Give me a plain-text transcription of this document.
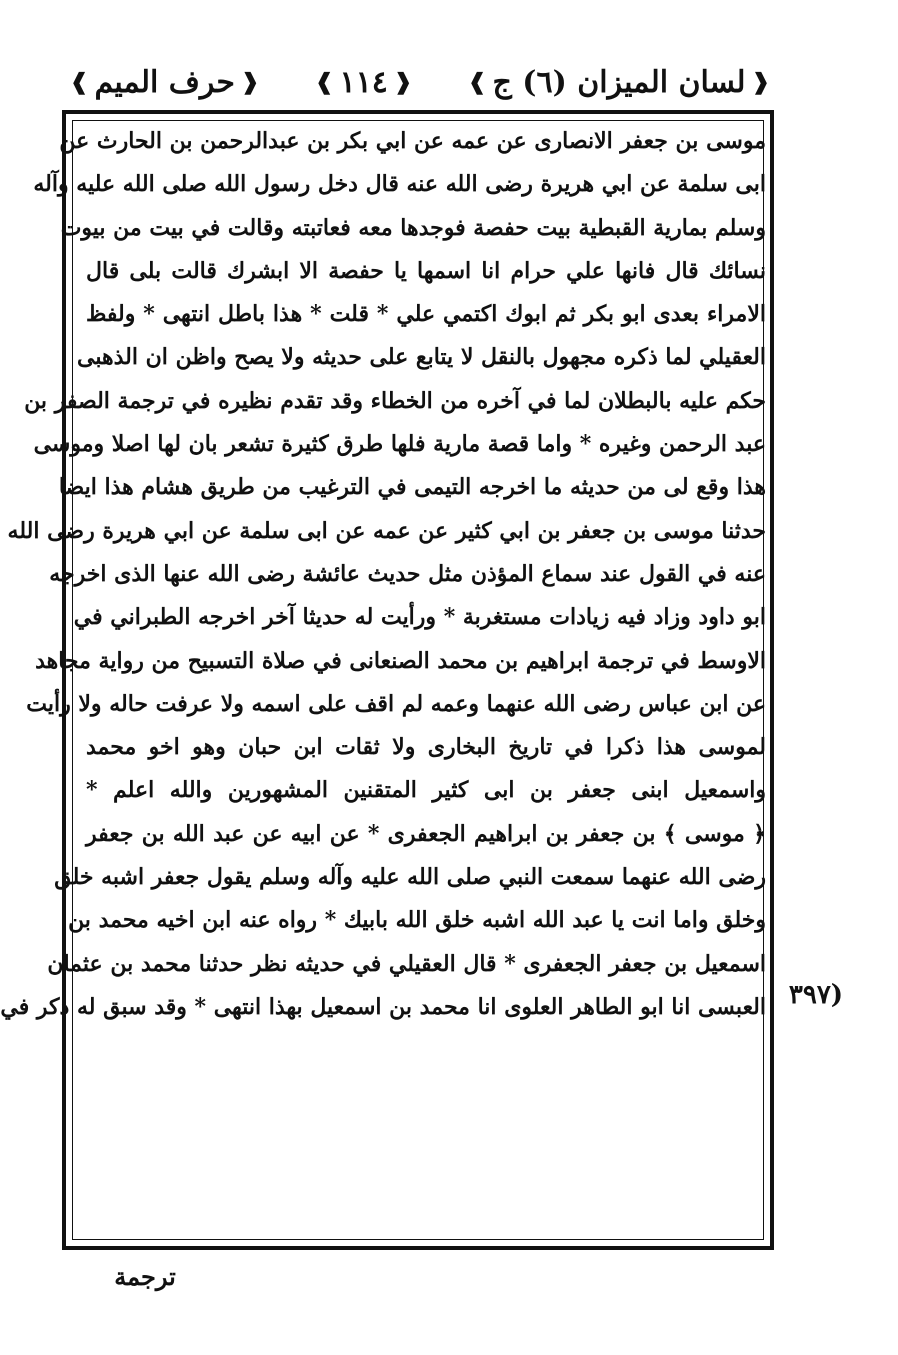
❰
لسان الميزان (٦) ج
❱
❰
١١٤
❱
❰
حرف الميم
❱
موسى بن جعفر الانصارى عن عمه عن ابي بكر بن عبدالرحمن بن الحارث عن
ابى سلمة عن ابي هريرة رضى الله عنه قال دخل رسول الله صلى الله عليه وآله
وسلم بمارية القبطية بيت حفصة فوجدها معه فعاتبته وقالت في بيت من بيوت
نسائك قال فانها علي حرام انا اسمها يا حفصة الا ابشرك قالت بلى قال
الامراء بعدى ابو بكر ثم ابوك اكتمي علي * قلت * هذا باطل انتهى * ولفظ
العقيلي لما ذكره مجهول بالنقل لا يتابع على حديثه ولا يصح واظن ان الذهبى
حكم عليه بالبطلان لما في آخره من الخطاء وقد تقدم نظيره في ترجمة الصفر بن
عبد الرحمن وغيره * واما قصة مارية فلها طرق كثيرة تشعر بان لها اصلا وموسى
هذا وقع لى من حديثه ما اخرجه التيمى في الترغيب من طريق هشام هذا ايضا
حدثنا موسى بن جعفر بن ابي كثير عن عمه عن ابى سلمة عن ابي هريرة رضى الله
عنه في القول عند سماع المؤذن مثل حديث عائشة رضى الله عنها الذى اخرجه
ابو داود وزاد فيه زيادات مستغربة * ورأيت له حديثا آخر اخرجه الطبراني في
الاوسط في ترجمة ابراهيم بن محمد الصنعانى في صلاة التسبيح من رواية مجاهد
عن ابن عباس رضى الله عنهما وعمه لم اقف على اسمه ولا عرفت حاله ولا رأيت
لموسى هذا ذكرا في تاريخ البخارى ولا ثقات ابن حبان وهو اخو محمد
واسمعيل ابنى جعفر بن ابى كثير المتقنين المشهورين والله اعلم *
﴿ موسى ﴾ بن جعفر بن ابراهيم الجعفرى * عن ابيه عن عبد الله بن جعفر
رضى الله عنهما سمعت النبي صلى الله عليه وآله وسلم يقول جعفر اشبه خلق
وخلق واما انت يا عبد الله اشبه خلق الله بابيك * رواه عنه ابن اخيه محمد بن
اسمعيل بن جعفر الجعفرى * قال العقيلي في حديثه نظر حدثنا محمد بن عثمان
العبسى انا ابو الطاهر العلوى انا محمد بن اسمعيل بهذا انتهى * وقد سبق له ذكر في (٣٩٧
ترجمة
